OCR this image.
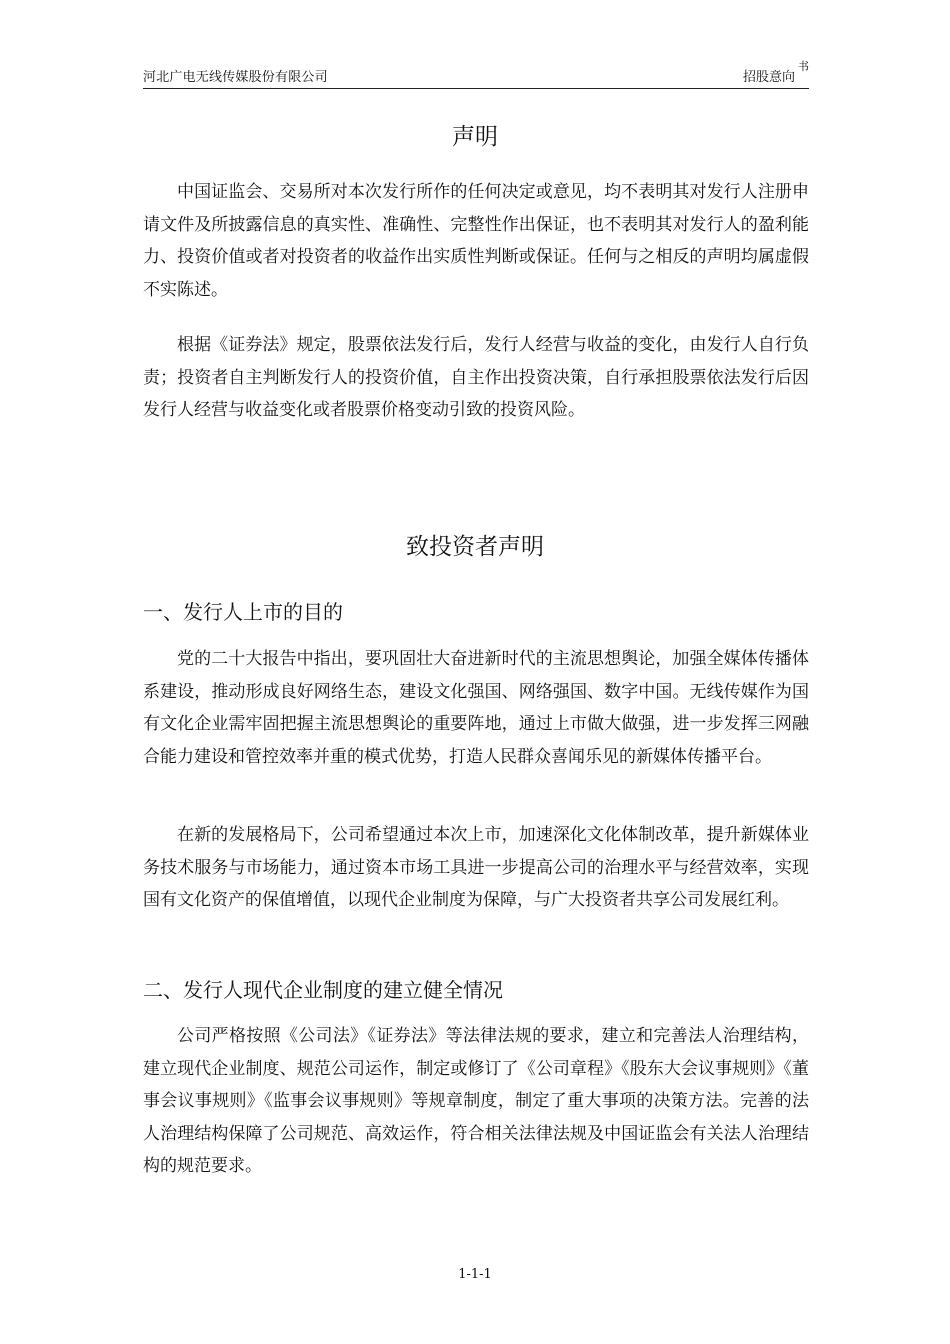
河北广电无线传媒股份有限公司	招股意向
书
声明

中国证监会、交易所对本次发行所作的任何决定或意见，均不表明其对发行人注册申请文件及所披露信息的真实性、准确性、完整性作出保证，也不表明其对发行人的盈利能力、投资价值或者对投资者的收益作出实质性判断或保证。任何与之相反的声明均属虚假不实陈述。

根据《证券法》规定，股票依法发行后，发行人经营与收益的变化，由发行人自行负责；投资者自主判断发行人的投资价值，自主作出投资决策，自行承担股票依法发行后因发行人经营与收益变化或者股票价格变动引致的投资风险。

致投资者声明
一、发行人上市的目的

党的二十大报告中指出，要巩固壮大奋进新时代的主流思想舆论，加强全媒体传播体系建设，推动形成良好网络生态，建设文化强国、网络强国、数字中国。无线传媒作为国有文化企业需牢固把握主流思想舆论的重要阵地，通过上市做大做强，进一步发挥三网融合能力建设和管控效率并重的模式优势，打造人民群众喜闻乐见的新媒体传播平台。

在新的发展格局下，公司希望通过本次上市，加速深化文化体制改革，提升新媒体业务技术服务与市场能力，通过资本市场工具进一步提高公司的治理水平与经营效率，实现国有文化资产的保值增值，以现代企业制度为保障，与广大投资者共享公司发展红利。

二、发行人现代企业制度的建立健全情况

公司严格按照《公司法》《证券法》等法律法规的要求，建立和完善法人治理结构，建立现代企业制度、规范公司运作，制定或修订了《公司章程》《股东大会议事规则》《董事会议事规则》《监事会议事规则》等规章制度，制定了重大事项的决策方法。完善的法人治理结构保障了公司规范、高效运作，符合相关法律法规及中国证监会有关法人治理结构的规范要求。

1-1-1
